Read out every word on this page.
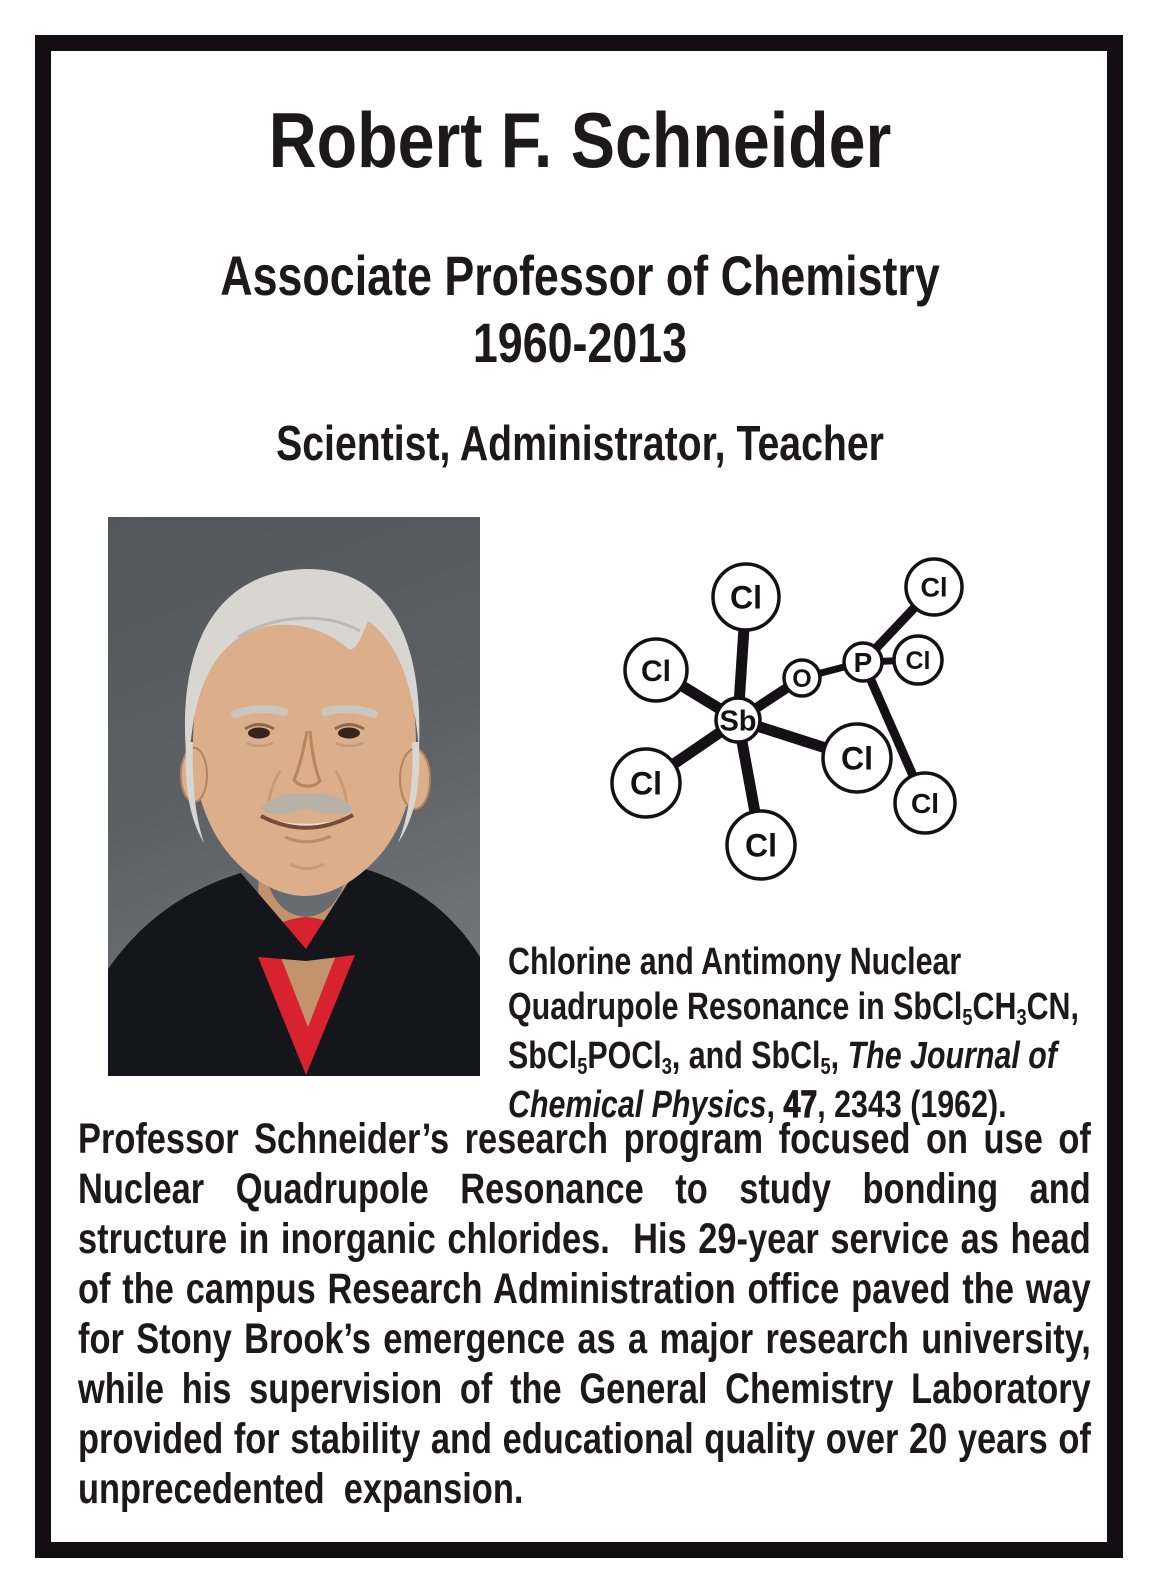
Robert F. Schneider
Associate Professor of Chemistry
1960-2013
Scientist, Administrator, Teacher
Cl
Cl
Cl
Cl
Cl
Sb
O
P
Cl
Cl
Cl

Chlorine and Antimony Nuclear
Quadrupole Resonance in SbCl5CH3CN,
SbCl5POCl3, and SbCl5, The Journal of
Chemical Physics, 47, 2343 (1962).

Professor Schneider’s research program focused on use of Nuclear Quadrupole Resonance to study bonding and structure in inorganic chlorides.  His 29-year service as head of the campus Research Administration office paved the way for Stony Brook’s emergence as a major research university, while his supervision of the General Chemistry Laboratory provided for stability and educational quality over 20 years of unprecedented  expansion.
